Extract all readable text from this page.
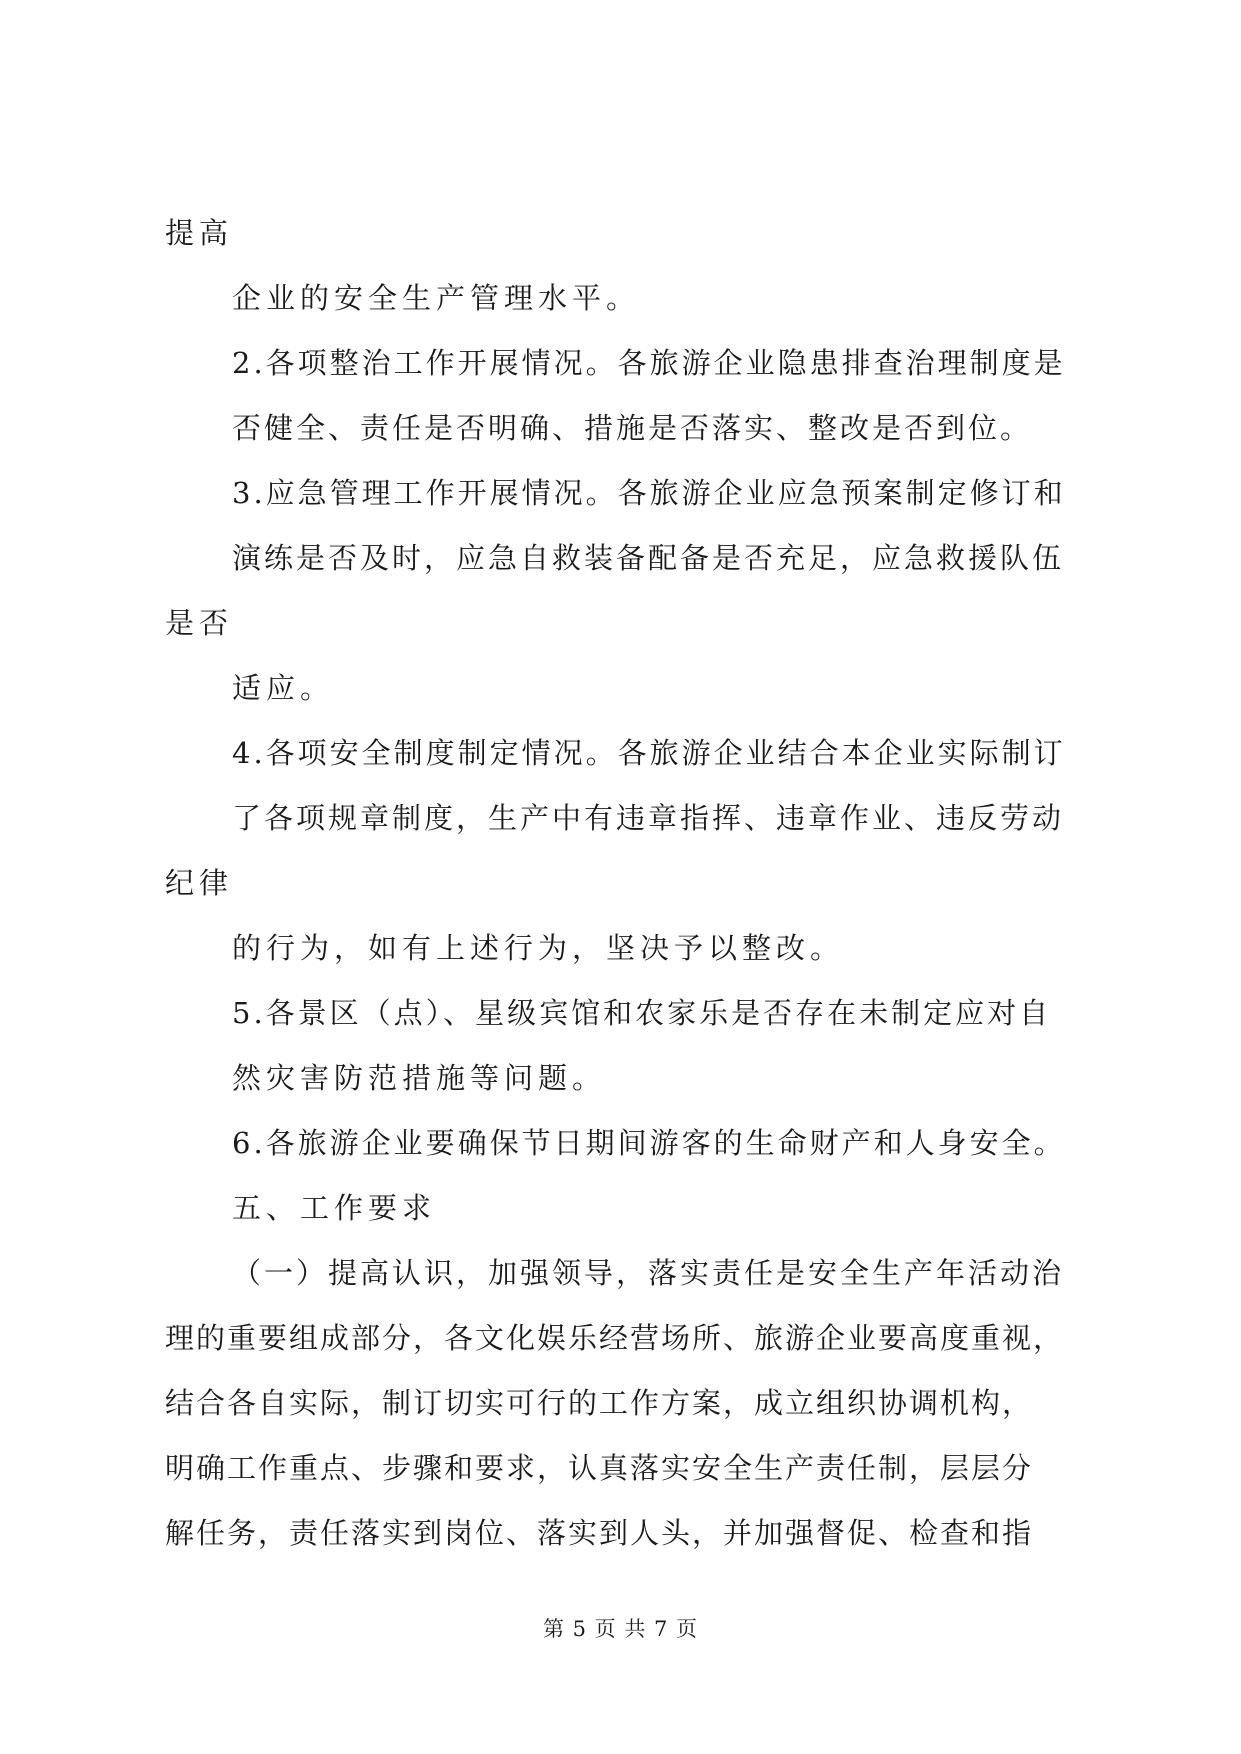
提高
企业的安全生产管理水平。
2.各项整治工作开展情况。各旅游企业隐患排查治理制度是
否健全、责任是否明确、措施是否落实、整改是否到位。
3.应急管理工作开展情况。各旅游企业应急预案制定修订和
演练是否及时，应急自救装备配备是否充足，应急救援队伍
是否
适应。
4.各项安全制度制定情况。各旅游企业结合本企业实际制订
了各项规章制度，生产中有违章指挥、违章作业、违反劳动
纪律
的行为，如有上述行为，坚决予以整改。
5.各景区（点）、星级宾馆和农家乐是否存在未制定应对自
然灾害防范措施等问题。
6.各旅游企业要确保节日期间游客的生命财产和人身安全。
五、工作要求
（一）提高认识，加强领导，落实责任是安全生产年活动治
理的重要组成部分，各文化娱乐经营场所、旅游企业要高度重视，
结合各自实际，制订切实可行的工作方案，成立组织协调机构，
明确工作重点、步骤和要求，认真落实安全生产责任制，层层分
解任务，责任落实到岗位、落实到人头，并加强督促、检查和指
第 5 页 共 7 页
